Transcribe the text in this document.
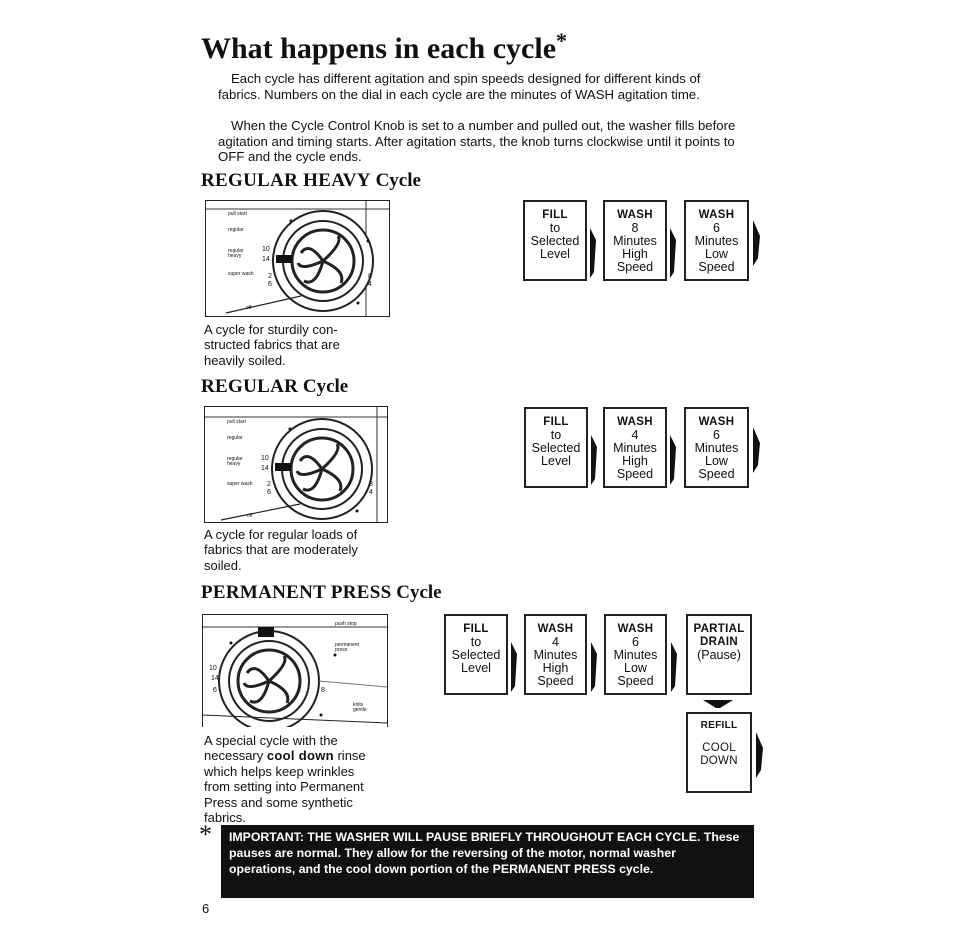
What happens in each cycle*

Each cycle has different agitation and spin speeds designed for different kinds of fabrics. Numbers on the dial in each cycle are the minutes of WASH agitation time.

When the Cycle Control Knob is set to a number and pulled out, the washer fills before agitation and timing starts. After agitation starts, the knob turns clockwise until it points to OFF and the cycle ends.

REGULAR HEAVY Cycle
pull start
regular
regular heavy
super wash
off
10
14
2
6
8
4

A cycle for sturdily con-
structed fabrics that are
heavily soiled.

FILL
to
Selected
Level
WASH
8
Minutes
High
Speed
WASH
6
Minutes
Low
Speed
REGULAR Cycle
pull start
regular
regular heavy
super wash
off
10
14
2
6
8
4

A cycle for regular loads of
fabrics that are moderately
soiled.

FILL
to
Selected
Level
WASH
4
Minutes
High
Speed
WASH
6
Minutes
Low
Speed
PERMANENT PRESS Cycle
push stop
permanent press
knits gentle
10
14
6	8

A special cycle with the
necessary cool down rinse
which helps keep wrinkles
from setting into Permanent
Press and some synthetic
fabrics.

FILL
to
Selected
Level
WASH
4
Minutes
High
Speed
WASH
6
Minutes
Low
Speed
PARTIAL
DRAIN
(Pause)
REFILL
COOL
DOWN
*	IMPORTANT: THE WASHER WILL PAUSE BRIEFLY THROUGHOUT EACH CYCLE. These pauses are normal. They allow for the reversing of the motor, normal washer operations, and the cool down portion of the PERMANENT PRESS cycle.

6
